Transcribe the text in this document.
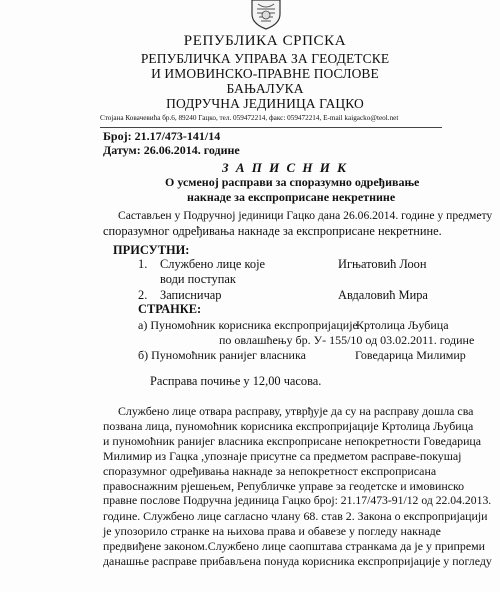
РЕПУБЛИКА СРПСКА
РЕПУБЛИЧКА УПРАВА ЗА ГЕОДЕТСКЕ
И ИМОВИНСКО-ПРАВНЕ ПОСЛОВЕ
БАЊАЛУКА
ПОДРУЧНА ЈЕДИНИЦА ГАЦКО
Стојана Ковачевића бр.6, 89240 Гацко, тел. 059472214, факс: 059472214, E-mail kaigacko@teol.net
Број: 21.17/473-141/14
Датум: 26.06.2014. године
З А П И С Н И К
О усменој расправи за споразумно одређивање
накнаде за експроприсане некретнине
Састављен у Подручној јединици Гацко дана 26.06.2014. године у предмету
споразумног одређивања накнаде за експроприсане некретнине.
ПРИСУТНИ:
1. Службено лице које
води поступак
Игњатовић Лоон
2. Записничар	Авдаловић Мира
СТРАНКЕ:
а) Пуномоћник корисника експропријације
Кртолица Љубица
по овлашћењу бр. У- 155/10 од 03.02.2011. године
б) Пуномоћник ранијег власника	Говедарица Милимир
Расправа почиње у 12,00 часова.
Службено лице отвара расправу, утврђује да су на расправу дошла сва
позвана лица, пуномоћник корисника експропријације Кртолица Љубица
и пуномоћник ранијег власника експроприсане непокретности Говедарица
Милимир из Гацка ,упознаје присутне са предметом расправе-покушај
споразумног одређивања накнаде за непокретност експроприсана
правоснажним рјешењем, Републичке управе за геодетске и имовинско
правне послове Подручна јединица Гацко број: 21.17/473-91/12 од 22.04.2013.
године. Службено лице сагласно члану 68. став 2. Закона о експропријацији
је упозорило странке на њихова права и обавезе у погледу накнаде
предвиђене законом.Службено лице саопштава странкама да је у припреми
данашње расправе прибављена понуда корисника експропријације у погледу
